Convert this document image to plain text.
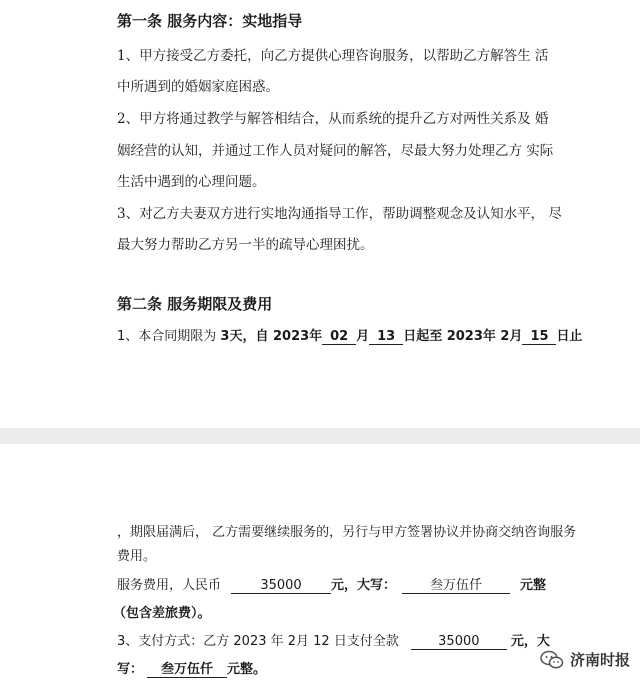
第一条 服务内容：实地指导
1、甲方接受乙方委托，向乙方提供心理咨询服务，以帮助乙方解答生 活
中所遇到的婚姻家庭困惑。
2、甲方将通过教学与解答相结合，从而系统的提升乙方对两性关系及 婚
姻经营的认知，并通过工作人员对疑问的解答，尽最大努力处理乙方 实际
生活中遇到的心理问题。
3、对乙方夫妻双方进行实地沟通指导工作，帮助调整观念及认知水平， 尽
最大努力帮助乙方另一半的疏导心理困扰。
第二条 服务期限及费用
1、本合同期限为 3天，自 2023年 02 月 13 日起至 2023年 2月 15 日止
，期限届满后， 乙方需要继续服务的，另行与甲方签署协议并协商交纳咨询服务
费用。
服务费用，人民币	35000 元，大写：	叁万伍仟	元整
（包含差旅费）。
3、支付方式：乙方 2023 年 2月 12 日支付全款	35000 元，大
写： 叁万伍仟 元整。
济南时报
